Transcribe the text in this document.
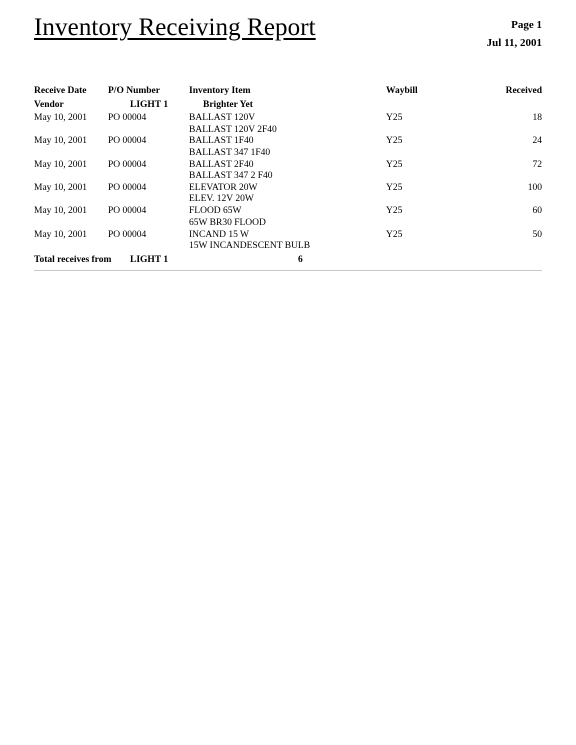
Inventory Receiving Report	Page 1
Jul 11, 2001
Receive Date P/O Number	Inventory Item	Waybill	Received
Vendor	LIGHT 1	Brighter Yet
May 10, 2001 PO 00004	BALLAST 120V	Y25	18
BALLAST 120V 2F40
May 10, 2001 PO 00004	BALLAST 1F40	Y25	24
BALLAST 347 1F40
May 10, 2001 PO 00004	BALLAST 2F40	Y25	72
BALLAST 347 2 F40
May 10, 2001 PO 00004	ELEVATOR 20W	Y25	100
ELEV. 12V 20W
May 10, 2001 PO 00004	FLOOD 65W	Y25	60
65W BR30 FLOOD
May 10, 2001 PO 00004	INCAND 15 W	Y25	50
15W INCANDESCENT BULB
Total receives from LIGHT 1	6
